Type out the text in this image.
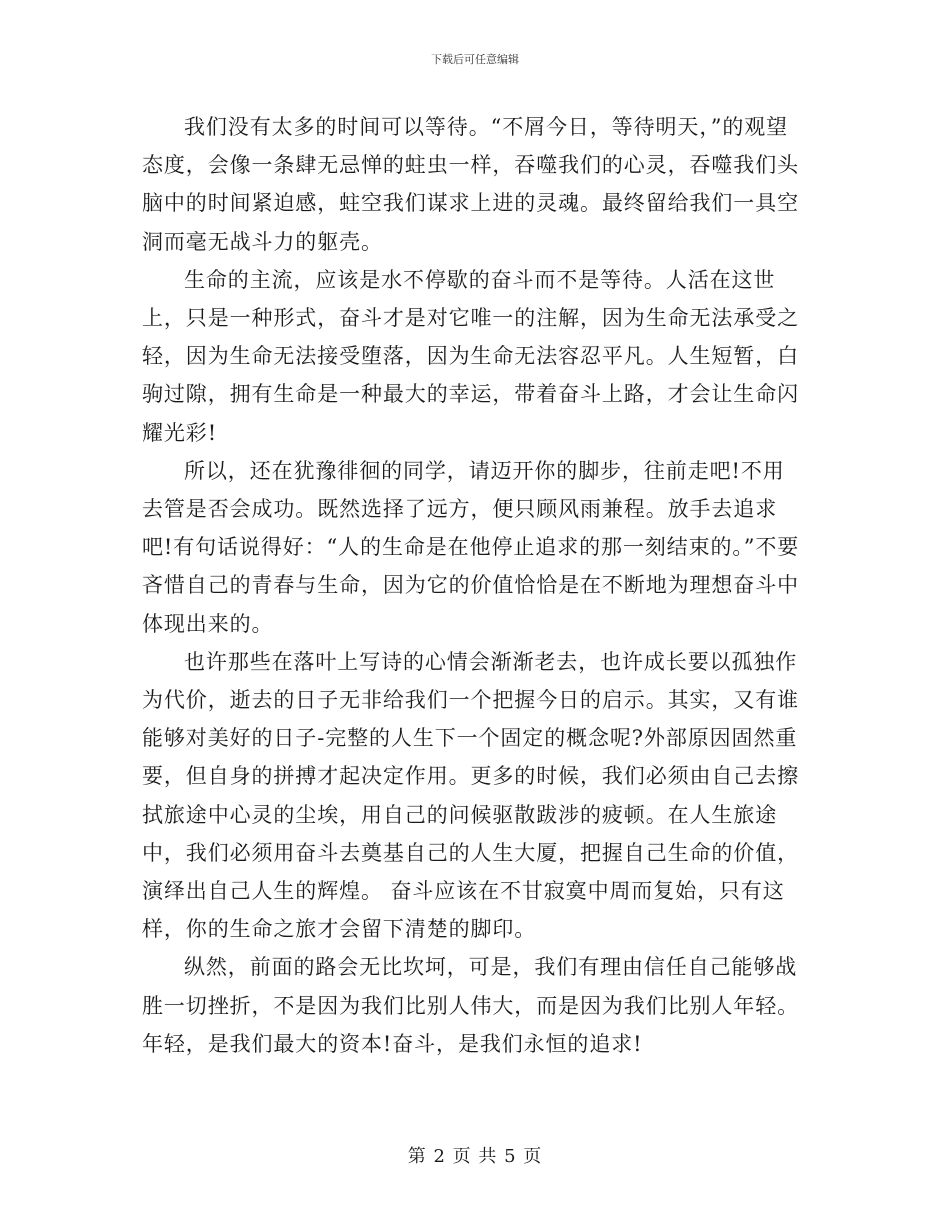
下载后可任意编辑

我们没有太多的时间可以等待。“不屑今日，等待明天，”的观望态度，会像一条肆无忌惮的蛀虫一样，吞噬我们的心灵，吞噬我们头脑中的时间紧迫感，蛀空我们谋求上进的灵魂。最终留给我们一具空洞而毫无战斗力的躯壳。

生命的主流，应该是水不停歇的奋斗而不是等待。人活在这世上，只是一种形式，奋斗才是对它唯一的注解，因为生命无法承受之轻，因为生命无法接受堕落，因为生命无法容忍平凡。人生短暂，白驹过隙，拥有生命是一种最大的幸运，带着奋斗上路，才会让生命闪耀光彩!

所以，还在犹豫徘徊的同学，请迈开你的脚步，往前走吧!不用去管是否会成功。既然选择了远方，便只顾风雨兼程。放手去追求吧!有句话说得好：“人的生命是在他停止追求的那一刻结束的。”不要吝惜自己的青春与生命，因为它的价值恰恰是在不断地为理想奋斗中体现出来的。

也许那些在落叶上写诗的心情会渐渐老去，也许成长要以孤独作为代价，逝去的日子无非给我们一个把握今日的启示。其实，又有谁能够对美好的日子-完整的人生下一个固定的概念呢?外部原因固然重要，但自身的拼搏才起决定作用。更多的时候，我们必须由自己去擦拭旅途中心灵的尘埃，用自己的问候驱散跋涉的疲顿。在人生旅途中，我们必须用奋斗去奠基自己的人生大厦，把握自己生命的价值，演绎出自己人生的辉煌。 奋斗应该在不甘寂寞中周而复始，只有这样，你的生命之旅才会留下清楚的脚印。

纵然，前面的路会无比坎坷，可是，我们有理由信任自己能够战胜一切挫折，不是因为我们比别人伟大，而是因为我们比别人年轻。年轻，是我们最大的资本!奋斗，是我们永恒的追求!

第 2 页 共 5 页
